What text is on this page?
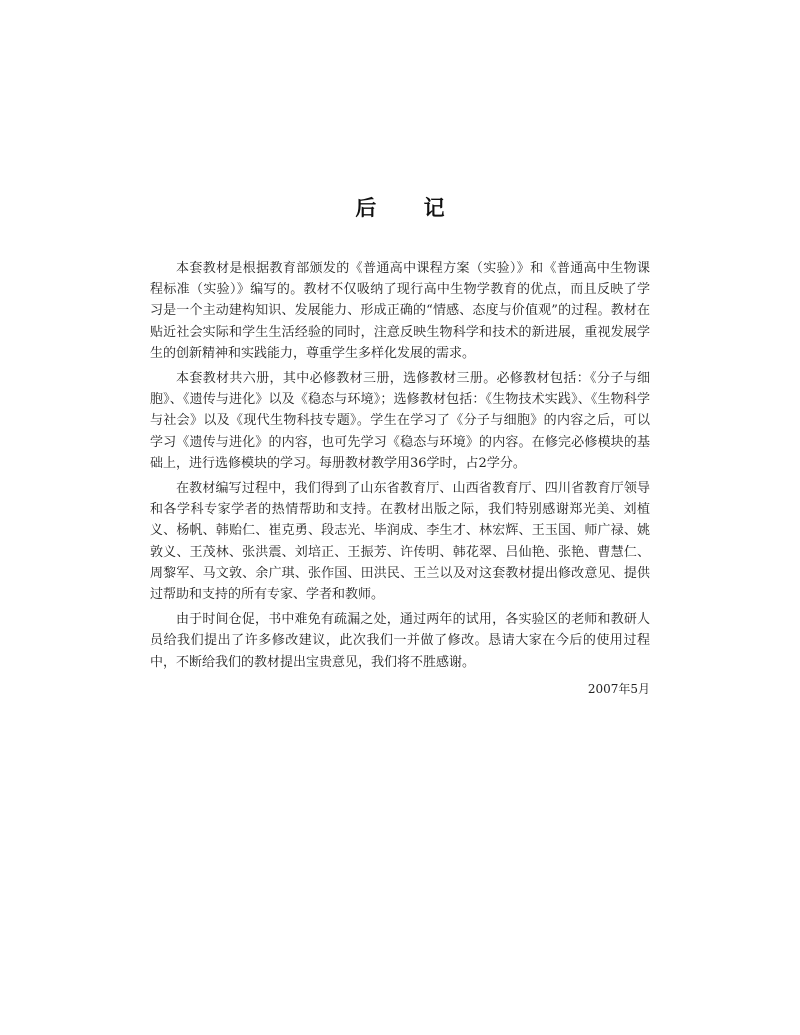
后 记

本套教材是根据教育部颁发的《普通高中课程方案（实验）》和《普通高中生物课程标准（实验）》编写的。教材不仅吸纳了现行高中生物学教育的优点，而且反映了学习是一个主动建构知识、发展能力、形成正确的“情感、态度与价值观”的过程。教材在贴近社会实际和学生生活经验的同时，注意反映生物科学和技术的新进展，重视发展学生的创新精神和实践能力，尊重学生多样化发展的需求。

本套教材共六册，其中必修教材三册，选修教材三册。必修教材包括：《分子与细胞》、《遗传与进化》以及《稳态与环境》；选修教材包括：《生物技术实践》、《生物科学与社会》以及《现代生物科技专题》。学生在学习了《分子与细胞》的内容之后，可以学习《遗传与进化》的内容，也可先学习《稳态与环境》的内容。在修完必修模块的基础上，进行选修模块的学习。每册教材教学用36学时，占2学分。

在教材编写过程中，我们得到了山东省教育厅、山西省教育厅、四川省教育厅领导和各学科专家学者的热情帮助和支持。在教材出版之际，我们特别感谢郑光美、刘植义、杨帆、韩贻仁、崔克勇、段志光、毕润成、李生才、林宏辉、王玉国、师广禄、姚敦义、王茂林、张洪震、刘培正、王振芳、许传明、韩花翠、吕仙艳、张艳、曹慧仁、周黎军、马文敦、余广琪、张作国、田洪民、王兰以及对这套教材提出修改意见、提供过帮助和支持的所有专家、学者和教师。

由于时间仓促，书中难免有疏漏之处，通过两年的试用，各实验区的老师和教研人员给我们提出了许多修改建议，此次我们一并做了修改。恳请大家在今后的使用过程中，不断给我们的教材提出宝贵意见，我们将不胜感谢。

2007年5月
